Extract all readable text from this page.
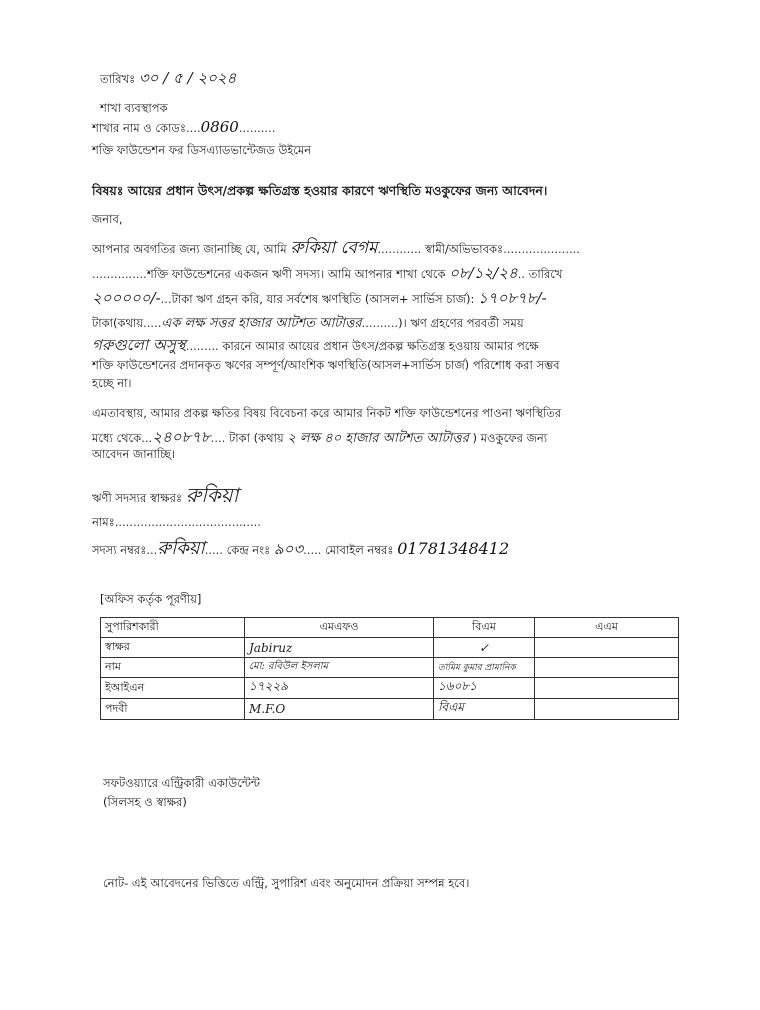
তারিখঃ ৩০ / ৫ / ২০২৪
শাখা ব্যবস্থাপক
শাখার নাম ও কোডঃ....0860..........
শক্তি ফাউন্ডেশন ফর ডিসএ্যাডভান্টেজড উইমেন
বিষয়ঃ আয়ের প্রধান উৎস/প্রকল্প ক্ষতিগ্রস্ত হওয়ার কারণে ঋণস্থিতি মওকুফের জন্য আবেদন।
জনাব,
আপনার অবগতির জন্য জানাচ্ছি যে, আমি রুকিয়া বেগম............ স্বামী/অভিভাবকঃ.....................
...............শক্তি ফাউন্ডেশনের একজন ঋণী সদস্য। আমি আপনার শাখা থেকে ০৮/১২/২৪.. তারিখে
২০০০০০/-...টাকা ঋণ গ্রহন করি, যার সর্বশেষ ঋণস্থিতি (আসল+ সার্ভিস চার্জ): ১৭০৮৭৮/-
টাকা(কথায়.....এক লক্ষ সত্তর হাজার আটশত আটাত্তর..........)। ঋণ গ্রহণের পরবর্তী সময়
গরুগুলো অসুস্থ......... কারনে আমার আয়ের প্রধান উৎস/প্রকল্প ক্ষতিগ্রস্ত হওয়ায় আমার পক্ষে
শক্তি ফাউন্ডেশনের প্রদানকৃত ঋণের সম্পূর্ণ/আংশিক ঋণস্থিতি(আসল+সার্ভিস চার্জ) পরিশোধ করা সম্ভব
হচ্ছে না।
এমতাবস্থায়, আমার প্রকল্প ক্ষতির বিষয় বিবেচনা করে আমার নিকট শক্তি ফাউন্ডেশনের পাওনা ঋণস্থিতির
মধ্যে থেকে...২৪০৮৭৮.... টাকা (কথায় ২ লক্ষ ৪০ হাজার আটশত আটাত্তর ) মওকুফের জন্য
আবেদন জানাচ্ছি।
ঋণী সদস্যর স্বাক্ষরঃ রুকিয়া
নামঃ........................................
সদস্য নম্বরঃ...রুকিয়া..... কেন্দ্র নংঃ ৯০৩..... মোবাইল নম্বরঃ 01781348412
[অফিস কর্তৃক পূরণীয়]
সুপারিশকারী	এমএফও	বিএম	এএম
স্বাক্ষর	Jabiruz	✓	
নাম	মো: রবিউল ইসলাম	তামিম কুমার প্রামানিক	
ইআইএন	১৭২২৯	১৬০৮১	
পদবী	M.F.O	বিএম	
সফটওয়্যারে এন্ট্রিকারী একাউন্টেন্ট
(সিলসহ ও স্বাক্ষর)
নোট- এই আবেদনের ভিত্তিতে এন্ট্রি, সুপারিশ এবং অনুমোদন প্রক্রিয়া সম্পন্ন হবে।
